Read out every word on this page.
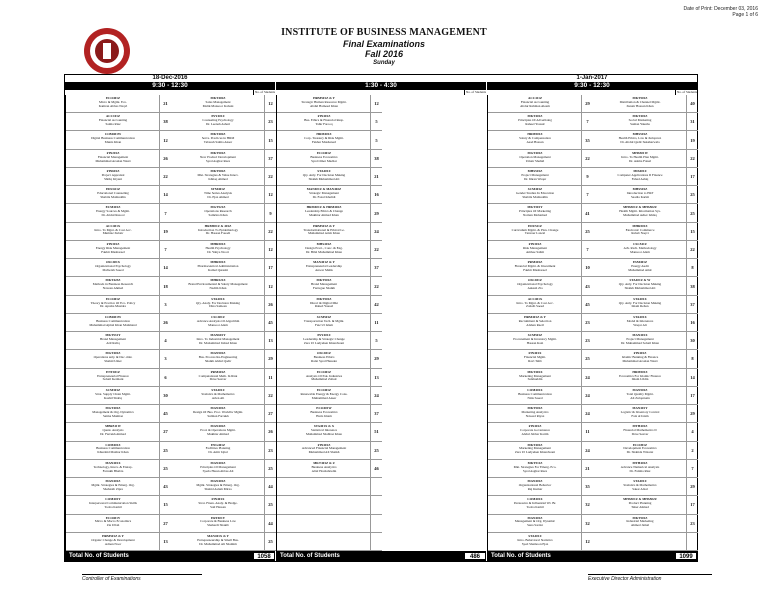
Date of Print: December 03, 2016
Page 1 of 6
INSTITUTE OF BUSINESS MANAGEMENT
Final Examinations
Fall 2016
Sunday
18-Dec-2016	1-Jan-2017
9:30 - 12:30	1:30 - 4:30	9:30 - 12:30
No. of Students
ECO401Z
Micro & Mgmt. Eco.
Kamran Abbas Naqvi	21
ACC101Z
Financial Accounting
Saima Riaz	38
COM401W
Digital Business Communication
Munis Khan	12
FIN201Z
Financial Management
Muhammad Arsalan Wasti	26
FIN601Z
Project Appraisal
Shifiq Kiyani	22
EDU421Z
Educational Counseling
Shabila Mohiuddin	14
ECM401Z
Energy Sources & Mgmt.
Dr. Abdul Rasool	7
ACC401X
Intro. To Mgnt. & Cost Acc.
Mumtaz Zubair	19
FIN301Z
Energy Risk Management
Fakhir Mushareef	7
OSC401X
Organizational Psychology
Mahwish Saeed	14
MKT423Z
Methods in Business Research
Naveen Ahmed	18
ECO401Z
Theory & Practice Of Eco. Policy
Dr. Ayesha Mustafa	3
COM401W
Business Communication
Muhammad Ajmal Khan Mohmand	26
MKT531Y
Brand Management
Atif Rafiq	4
MGT401Z
Operations anly. & Dec. mkr.
Shahid Umer	3
ENT401Z
Entrepreneurial Finance
Sohail Kermani	6
SCM301Z
Strat. Supply Chain Mgmt.
Kashif Shafiq	30
MGT401Z
Management & Org. Dynamics
Saima Mumtaz	45
MBR511W
Quant. Analysis
Dr. Farrukh Ahmed	27
COM401Z
Business Communication
Khurshid Mazhar Khan	25
MAN401X
Technology, Innov. & Entrep.
Farrukh Bhabra	25
MAN401Z
Mgmt. Strategies & Emerg. Org.
Shahzaib Zipra	43
COM401Y
Interpersonal Communication Skills
Tooba Kamil	15
ECO401Y
Micro & Macro Economics
Zia Ullah	27
HRM501Z & Y
Organic Change & Development
Adnan Noor	13
MKT402Z
Sales Management
Malik Mansoor Kabani	12
PSY401Z
Counseling Psychology
Dr. Leenah Ashari	23
MKT402Z
Servs. Practices in HRM
Tabassh Salma Anser	15
MKT501Z
New Product Development
Syed Asghar Raza	37
MKT502Z
Mkt. Strategies & Value Innov.
Ishtiaq Ahmed	22
STM401Z
Time Series Analysis
Dr. Ejaz Ahmed	12
MGT521Z
Operations Research
Samrina Khan	9
HRM901Z & 401Z
Introduction To Epidemiology
Dr. Hassan Fouadi	22
MHR501Z
Health Psychology
Dr. Yahya Noori	12
MHR501Z
Pharmaceutical Administration
Kamal Qureshi	17
MHR521Z
Brand Environmental & Safety Management
Nadim Khan	12
STA401X
Qty. Analy. For Decision Making
Dina Sameen	26
CSC401Z
Advance Analysis Of Algorithm
Mansoor Alam	45
MAN601Y
Intro. To Industrial Management
Dr. Mohammad Irshad Khan	13
MAN501Z
Bus. Process Re-Engineering
Shaikh Abdul Qadir	29
PRM401Z
Computational Meth. In Risk
Dave Seaver	11
STA401Z
Statistics & Mathematics
Arfen Ali	22
MAN401Z
Design Of Bus. Proc. Workflw Mgmt.
Sulman Farrukh	27
MAN402Z
Prod. & Operations Mgmt.
Mukhtar Ahmed	26
ENG401Z
Facilities Planning
Dr. Amir Iqbal	23
MAN401Z
Principles Of Management
Syeda Hassn Abbas Ali	25
MAN401Z
Mgmt. Strategies & Emerg. Org.
Shahid Aslam Mirza	44
FIN401X
Strat. Finan. Analy. & Hedge.
Saif Hassan	25
ERT401Y
Corporate & Business Law
Shaherdi Shakib	44
MAN401X & Y
Entrepreneurship & Small Bus.
Dr. Muhammad Ali Shamim	25
Total No. of Students	1058
No. of Students
HRM501Z & Y
Strategic Human Resource Mgmt.
Abdul Hameed Khan	12
FIN401Z
Bus. Ethics & Financial Resp.
Tahir Farooq	5
HRM401Z
Corp. Treasury & Risk Mgmt.
Fakhar Mushareef	5
ECO401Z
Business Economics
Syed Omer Mazhar	38
STA401Z
Qty. Anly. For Decision Making
Shaikh Muhammad Ali	21
MAN401Z & MAN402Z
Strategic Management
Dr. Fazal Khalidi	16
HRM401Z & HRM402Z
Leadership Ethics & Change
Mukhtar Ahmed Khan	29
HRM501Z & Y
Transformational & Ethical Le.
Muhammad Arish Khan	24
MHS401Z
Design Pract., Conc. & Eng.
Dr. Bilal Muhammad Khan	22
MAN401Z & Y
Entrepreneurial Leadership
Anwer Malik	37
MKT501Z
Brand Management
Farrugue Shaikh	22
MKT501Z
Direct & Digital Mkt
Rahed Yousaf	42
SCM501Z
Transportation Tech. & Mgmt.
Faiz Ul Islam	11
PSY401Z
Leadership & Strategic Change
Zara Ul Ludyehen Khandwani	5
OSC401Z
Business Ethics
Rafat Syed Hussain	29
ECO401Z
Analysis Of Pak. Industries
Muhammad Zubair	13
ECO401Z
Renewable Energy & Energy Cons.
Muhammad Anser	24
ECO401W
Business Economics
Haris Imam	37
STA401X & X
Statistical Inference
Muhammad Shahbaz Khan	51
FIN401Z
Advanced Financial Management
Muhammad Ali Shaikh	25
MKT401Z & Z
Business Analytics
Altaf Hoshabrudin	46
Total No. of Students	486
No. of Students
ACC411Z
Financial Accounting
Abdur Rehman Aleem	29
MKT401Z
Principles Of Advertising
Raheel Yousuf	7
HRM501Z
Salary & Compensation
Asad Hassan	35
MGT401Z
Operation Management
Umair Shahid	22
MHS501Z
Project Management
Dr. Imran Waqar	9
SCM401Z
Gender Studies In Education
Shabila Mohiuddin	7
MKT301Y
Principles Of Marketing
Noman Mohamed	41
EDU511Z
Curriculum Mgmt. & Plan. Change
Tanveer Lazzal	25
FIN301Z
Risk Management
Ambee Salim	7
PRM401Z
Financial Mgmt. & Investment
Fakhir Mushareef	10
OSC401Z
Organizational Psychology
Aakash Zia	43
ACC401X
Intro. To Mgnt. & Cost Acc.
Zohaib Saeed	45
HRM401Z & Y
Recruitment & Selection
Afshan Raeif	23
SCM501Z
Procurement & Inventory Mgmt.
Hassan Kazi	23
FIN401X
Financial Mgmt.
Ravi Talib	25
MKT402X
Marketing Management
Salahuddin	24
COM401X
Business Communication
Nida Saeed	24
MKT501Z
Marketing Analytics
Naveed Riyaz	24
FIN401Z
Corporate Governance
Abdul Jabbar Karim	11
MKT401Z
Marketing Management
Zara Ul Ludyehen Khandwani	24
MKT511Z
Mkt. Strategies For Emerg. Eco.
Syed Asghar Raza	21
MAN401Z
Organizational Behavior
Raj Kumar	35
COM401X
Persuasive & Influential Wr. Br.
Tooba Kamil	32
MAN401Z
Management & Org. Dynamic
Sana Sardar	32
STA401Z
Intro. Behavioral Statistics
Syed Shamoon Ejaz	12
MKT501Z
Distribution & Channel Mgmt.
Zunair Hassan Khan	40
MKT401Z
Social Marketing
Suman Yakuba	31
MHS501Z
Health Ethics, Law & Jurisprud.
Dr. Abdul Qadir Sukaharwala	19
MHS501W
Intro. To Health Plan Mgmt.
Dr. Asima Faisal	22
MIS401Z
Computer Applications II Finance
Fahad Ashiq	17
MHS501Z
Introduction to ERP
Saadia Karim	25
MHS501Z & MHS502Z
Health Mgmt. Information Sys.
Muhammad Azher Ishfaq	25
MHR501Z
Electronic Commerce
Rabab Naqvi	15
CSC541Z
Adv. Rsch. Methodology
Mansoor Alam	22
ESM401Z
Energy Audit
Muhammad Amir	8
STA401Z & W
Qty. Anly. For Decision Making
Shaikh Muhammad Ali	38
STA401X
Qty. Anly. For Decision Making
Imam Rehan	37
STA401X
Model & Inferences
Waqar Ali	16
MAN401X
Project Management
Dr. Muhammad Sohail Khan	30
FIN401Z
Islamic Banking & Finance
Muhammad Arsalan Wasti	8
HRM501Z
Economics For Islamic Finance
Imam Uddin	14
MAN501Z
Total Quality Mgmt.
Ali Zulqarnain	17
MAN401Y
Logistic & Inventory Control
Faiz ul Islam	29
MTH401Z
Financial Mathematics II
Dave Seaver	4
ECO491Z
Development Economics
Dr. Shahida Wizarat	2
MTH401Z
Advance Numerical Analysis
Dr. Fatima Riaz	7
STA401Z
Statistics & Mathematics
Sakar Afzal	29
MHS501Z & MHS502Z
Product Planning
Taher Ahmed	17
MKT501Z
Industrial Marketing
Ahmed Jamal	23
Total No. of Students	1099
Controller of Examinations	Executive Director Administration
